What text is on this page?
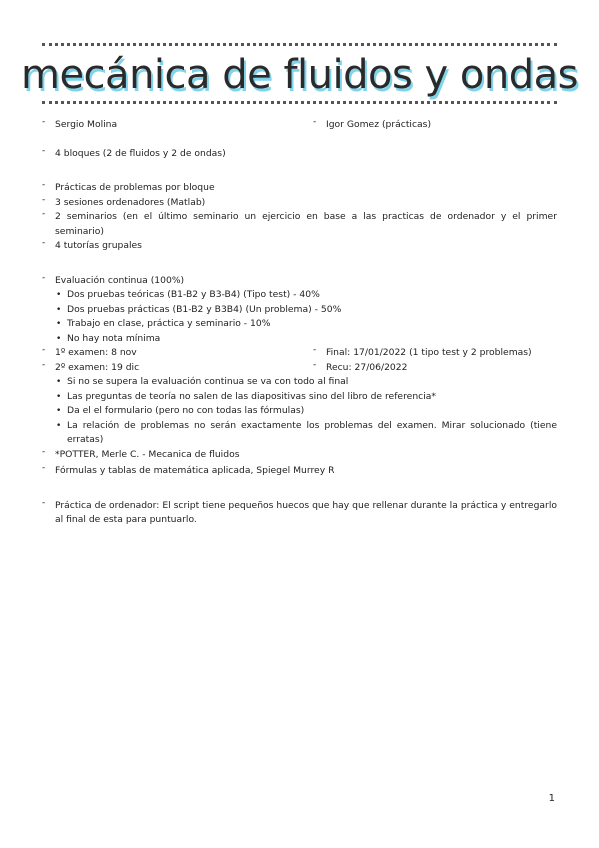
mecánica de fluidos y ondas
- Sergio Molina	- Igor Gomez (prácticas)
- 4 bloques (2 de fluidos y 2 de ondas)
- Prácticas de problemas por bloque
- 3 sesiones ordenadores (Matlab)
- 2 seminarios (en el último seminario un ejercicio en base a las practicas de ordenador y el primer seminario)
- 4 tutorías grupales
- Evaluación continua (100%)
• Dos pruebas teóricas (B1-B2 y B3-B4) (Tipo test) - 40%
• Dos pruebas prácticas (B1-B2 y B3B4) (Un problema) - 50%
• Trabajo en clase, práctica y seminario - 10%
• No hay nota mínima
- 1º examen: 8 nov	- Final: 17/01/2022 (1 tipo test y 2 problemas)
- 2º examen: 19 dic	- Recu: 27/06/2022
• Si no se supera la evaluación continua se va con todo al final
• Las preguntas de teoría no salen de las diapositivas sino del libro de referencia*
• Da el el formulario (pero no con todas las fórmulas)
• La relación de problemas no serán exactamente los problemas del examen. Mirar solucionado (tiene erratas)
- *POTTER, Merle C. - Mecanica de fluidos
- Fórmulas y tablas de matemática aplicada, Spiegel Murrey R
- Práctica de ordenador: El script tiene pequeños huecos que hay que rellenar durante la práctica y entregarlo al final de esta para puntuarlo.
1
